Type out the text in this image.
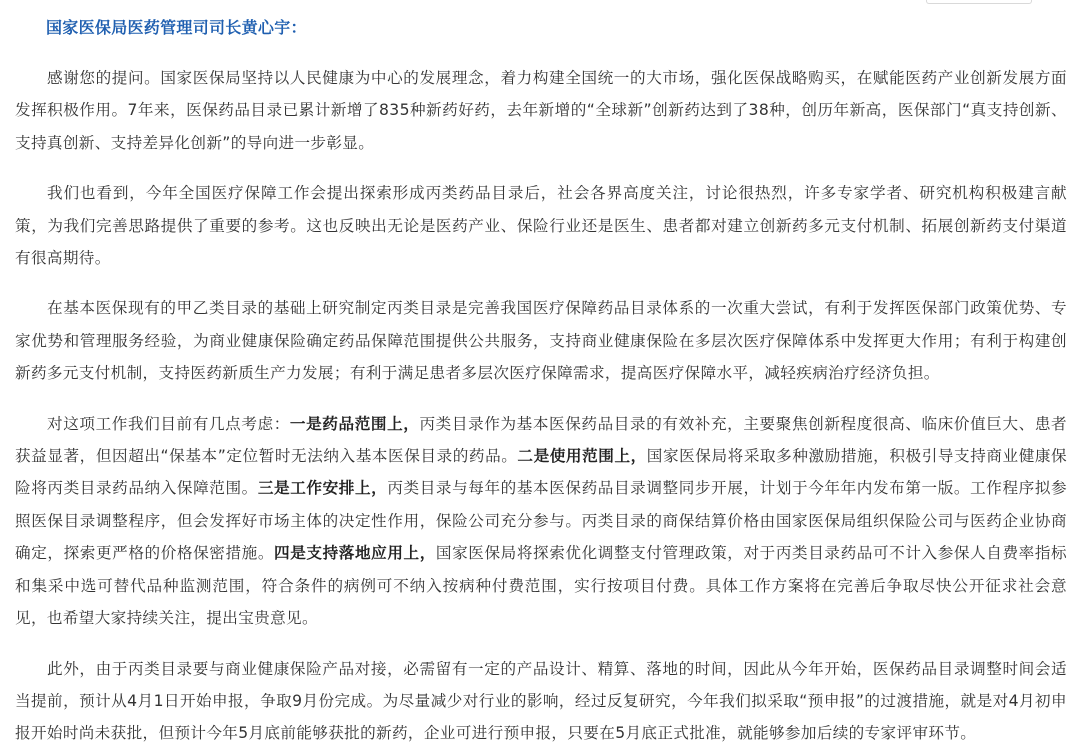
国家医保局医药管理司司长黄心宇：

感谢您的提问。国家医保局坚持以人民健康为中心的发展理念，着力构建全国统一的大市场，强化医保战略购买，在赋能医药产业创新发展方面发挥积极作用。7年来，医保药品目录已累计新增了835种新药好药，去年新增的“全球新”创新药达到了38种，创历年新高，医保部门“真支持创新、支持真创新、支持差异化创新”的导向进一步彰显。

我们也看到，今年全国医疗保障工作会提出探索形成丙类药品目录后，社会各界高度关注，讨论很热烈，许多专家学者、研究机构积极建言献策，为我们完善思路提供了重要的参考。这也反映出无论是医药产业、保险行业还是医生、患者都对建立创新药多元支付机制、拓展创新药支付渠道有很高期待。

在基本医保现有的甲乙类目录的基础上研究制定丙类目录是完善我国医疗保障药品目录体系的一次重大尝试，有利于发挥医保部门政策优势、专家优势和管理服务经验，为商业健康保险确定药品保障范围提供公共服务，支持商业健康保险在多层次医疗保障体系中发挥更大作用；有利于构建创新药多元支付机制，支持医药新质生产力发展；有利于满足患者多层次医疗保障需求，提高医疗保障水平，减轻疾病治疗经济负担。

对这项工作我们目前有几点考虑：一是药品范围上，丙类目录作为基本医保药品目录的有效补充，主要聚焦创新程度很高、临床价值巨大、患者获益显著，但因超出“保基本”定位暂时无法纳入基本医保目录的药品。二是使用范围上，国家医保局将采取多种激励措施，积极引导支持商业健康保险将丙类目录药品纳入保障范围。三是工作安排上，丙类目录与每年的基本医保药品目录调整同步开展，计划于今年年内发布第一版。工作程序拟参照医保目录调整程序，但会发挥好市场主体的决定性作用，保险公司充分参与。丙类目录的商保结算价格由国家医保局组织保险公司与医药企业协商确定，探索更严格的价格保密措施。四是支持落地应用上，国家医保局将探索优化调整支付管理政策，对于丙类目录药品可不计入参保人自费率指标和集采中选可替代品种监测范围，符合条件的病例可不纳入按病种付费范围，实行按项目付费。具体工作方案将在完善后争取尽快公开征求社会意见，也希望大家持续关注，提出宝贵意见。

此外，由于丙类目录要与商业健康保险产品对接，必需留有一定的产品设计、精算、落地的时间，因此从今年开始，医保药品目录调整时间会适当提前，预计从4月1日开始申报，争取9月份完成。为尽量减少对行业的影响，经过反复研究，今年我们拟采取“预申报”的过渡措施，就是对4月初申报开始时尚未获批，但预计今年5月底前能够获批的新药，企业可进行预申报，只要在5月底正式批准，就能够参加后续的专家评审环节。
